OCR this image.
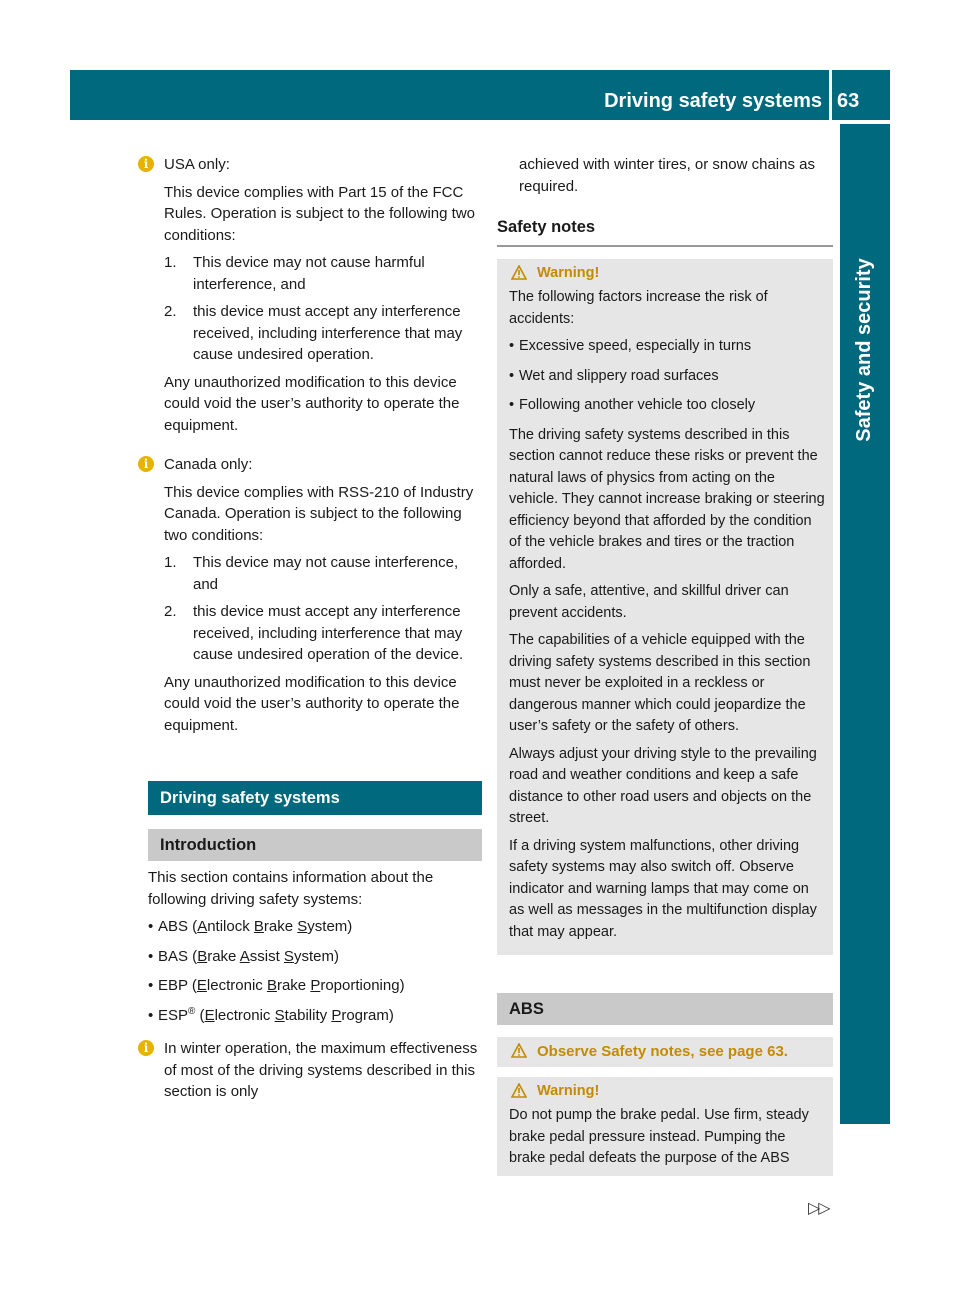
Driving safety systems 63
Safety and security
i	USA only:

This device complies with Part 15 of the FCC Rules. Operation is subject to the following two conditions:

1. This device may not cause harmful interference, and
2. this device must accept any interference received, including interference that may cause undesired operation.

Any unauthorized modification to this device could void the user’s authority to operate the equipment.

i	Canada only:

This device complies with RSS-210 of Industry Canada. Operation is subject to the following two conditions:

1. This device may not cause interference, and
2. this device must accept any interference received, including interference that may cause undesired operation of the device.

Any unauthorized modification to this device could void the user’s authority to operate the equipment.

Driving safety systems
Introduction

This section contains information about the following driving safety systems:

• ABS (Antilock Brake System)
• BAS (Brake Assist System)
• EBP (Electronic Brake Proportioning)
• ESP® (Electronic Stability Program)
i	In winter operation, the maximum effectiveness of most of the driving systems described in this section is only

achieved with winter tires, or snow chains as required.

Safety notes
Warning!

The following factors increase the risk of accidents:

• Excessive speed, especially in turns
• Wet and slippery road surfaces
• Following another vehicle too closely

The driving safety systems described in this section cannot reduce these risks or prevent the natural laws of physics from acting on the vehicle. They cannot increase braking or steering efficiency beyond that afforded by the condition of the vehicle brakes and tires or the traction afforded.

Only a safe, attentive, and skillful driver can prevent accidents.

The capabilities of a vehicle equipped with the driving safety systems described in this section must never be exploited in a reckless or dangerous manner which could jeopardize the user’s safety or the safety of others.

Always adjust your driving style to the prevailing road and weather conditions and keep a safe distance to other road users and objects on the street.

If a driving system malfunctions, other driving safety systems may also switch off. Observe indicator and warning lamps that may come on as well as messages in the multifunction display that may appear.

ABS
Observe Safety notes, see page 63.
Warning!

Do not pump the brake pedal. Use firm, steady brake pedal pressure instead. Pumping the brake pedal defeats the purpose of the ABS

▷▷
